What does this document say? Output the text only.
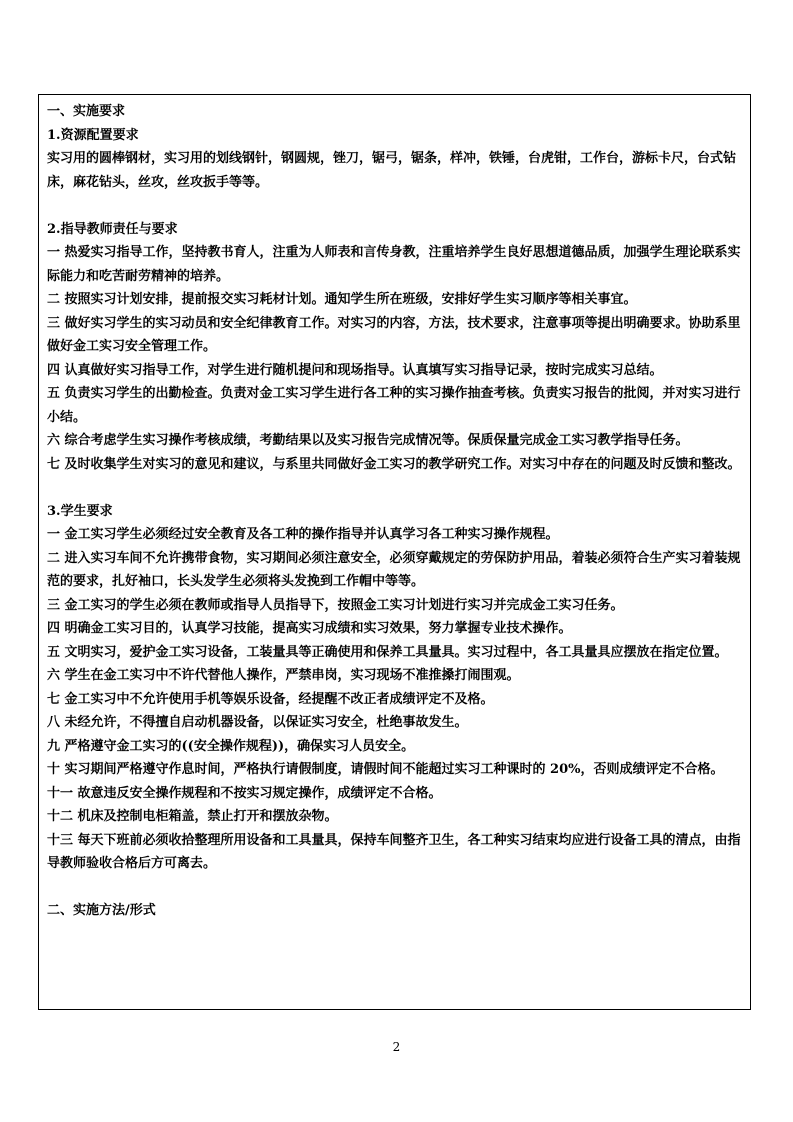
一、实施要求

1.资源配置要求

实习用的圆棒钢材，实习用的划线钢针，钢圆规，锉刀，锯弓，锯条，样冲，铁锤，台虎钳，工作台，游标卡尺，台式钻床，麻花钻头，丝攻，丝攻扳手等等。

2.指导教师责任与要求

一 热爱实习指导工作，坚持教书育人，注重为人师表和言传身教，注重培养学生良好思想道德品质，加强学生理论联系实际能力和吃苦耐劳精神的培养。

二 按照实习计划安排，提前报交实习耗材计划。通知学生所在班级，安排好学生实习顺序等相关事宜。

三 做好实习学生的实习动员和安全纪律教育工作。对实习的内容，方法，技术要求，注意事项等提出明确要求。协助系里做好金工实习安全管理工作。

四 认真做好实习指导工作，对学生进行随机提问和现场指导。认真填写实习指导记录，按时完成实习总结。

五 负责实习学生的出勤检查。负责对金工实习学生进行各工种的实习操作抽查考核。负责实习报告的批阅，并对实习进行小结。

六 综合考虑学生实习操作考核成绩，考勤结果以及实习报告完成情况等。保质保量完成金工实习教学指导任务。

七 及时收集学生对实习的意见和建议，与系里共同做好金工实习的教学研究工作。对实习中存在的问题及时反馈和整改。

3.学生要求

一 金工实习学生必须经过安全教育及各工种的操作指导并认真学习各工种实习操作规程。

二 进入实习车间不允许携带食物，实习期间必须注意安全，必须穿戴规定的劳保防护用品，着装必须符合生产实习着装规范的要求，扎好袖口，长头发学生必须将头发挽到工作帽中等等。

三 金工实习的学生必须在教师或指导人员指导下，按照金工实习计划进行实习并完成金工实习任务。

四 明确金工实习目的，认真学习技能，提高实习成绩和实习效果，努力掌握专业技术操作。

五 文明实习，爱护金工实习设备，工装量具等正确使用和保养工具量具。实习过程中，各工具量具应摆放在指定位置。

六 学生在金工实习中不许代替他人操作，严禁串岗，实习现场不准推搡打闹围观。

七 金工实习中不允许使用手机等娱乐设备，经提醒不改正者成绩评定不及格。

八 未经允许，不得擅自启动机器设备，以保证实习安全，杜绝事故发生。

九 严格遵守金工实习的((安全操作规程))，确保实习人员安全。

十 实习期间严格遵守作息时间，严格执行请假制度，请假时间不能超过实习工种课时的 20%，否则成绩评定不合格。

十一 故意违反安全操作规程和不按实习规定操作，成绩评定不合格。

十二 机床及控制电柜箱盖，禁止打开和摆放杂物。

十三 每天下班前必须收拾整理所用设备和工具量具，保持车间整齐卫生，各工种实习结束均应进行设备工具的清点，由指导教师验收合格后方可离去。

二、实施方法/形式

2
